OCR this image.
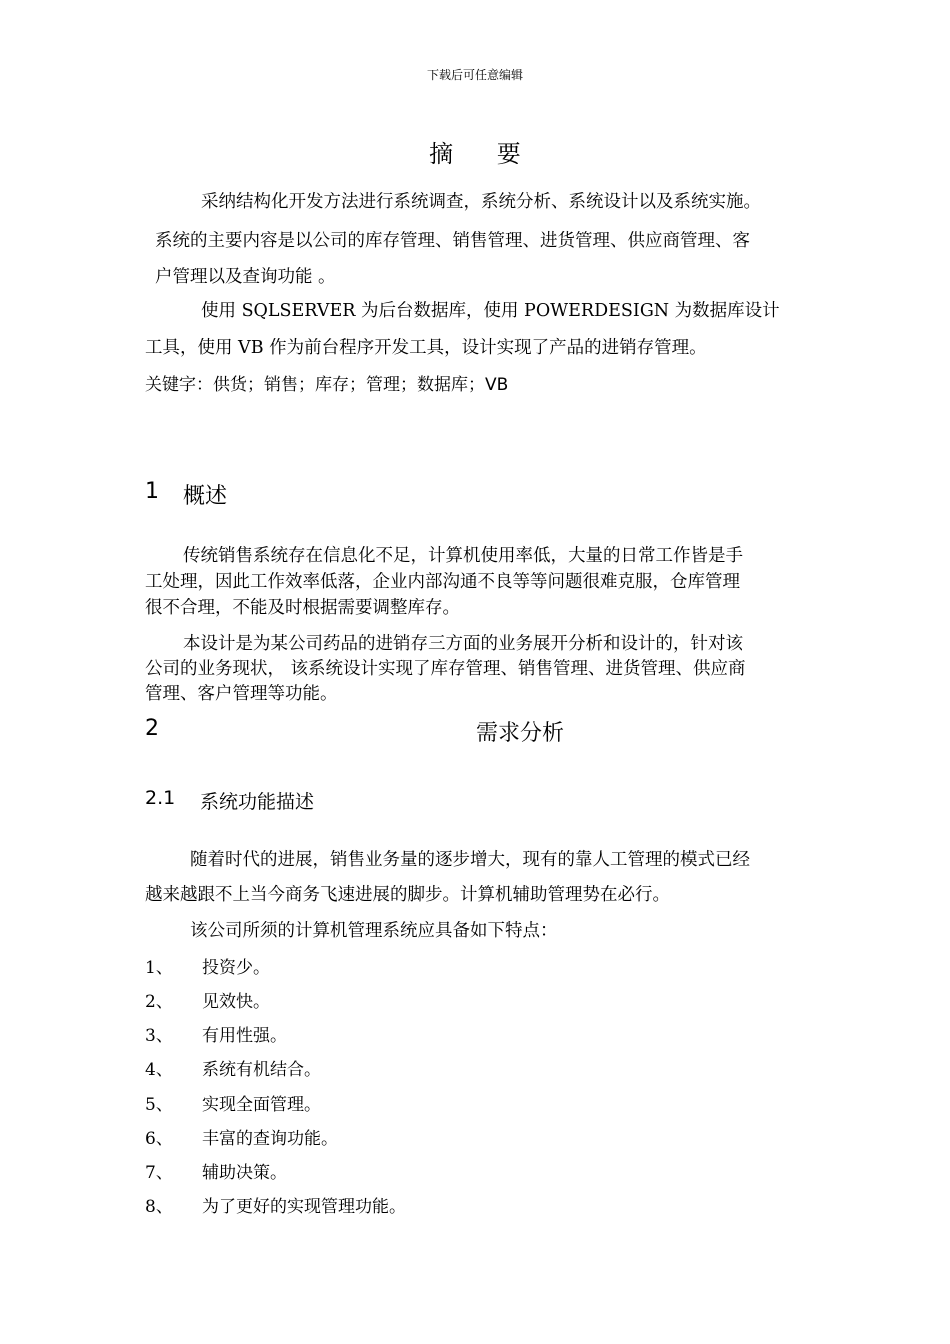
下载后可任意编辑
摘 要
采纳结构化开发方法进行系统调查，系统分析、系统设计以及系统实施。
系统的主要内容是以公司的库存管理、销售管理、进货管理、供应商管理、客
户管理以及查询功能 。
使用 SQLSERVER 为后台数据库，使用 POWERDESIGN 为数据库设计
工具，使用 VB 作为前台程序开发工具，设计实现了产品的进销存管理。
关键字：供货；销售；库存；管理；数据库；VB
1 概述
传统销售系统存在信息化不足，计算机使用率低，大量的日常工作皆是手
工处理，因此工作效率低落，企业内部沟通不良等等问题很难克服，仓库管理
很不合理，不能及时根据需要调整库存。
本设计是为某公司药品的进销存三方面的业务展开分析和设计的，针对该
公司的业务现状， 该系统设计实现了库存管理、销售管理、进货管理、供应商
管理、客户管理等功能。
2	需求分析
2.1 系统功能描述
随着时代的进展，销售业务量的逐步增大，现有的靠人工管理的模式已经
越来越跟不上当今商务飞速进展的脚步。计算机辅助管理势在必行。
该公司所须的计算机管理系统应具备如下特点：
1、 投资少。
2、 见效快。
3、 有用性强。
4、 系统有机结合。
5、 实现全面管理。
6、 丰富的查询功能。
7、 辅助决策。
8、 为了更好的实现管理功能。
